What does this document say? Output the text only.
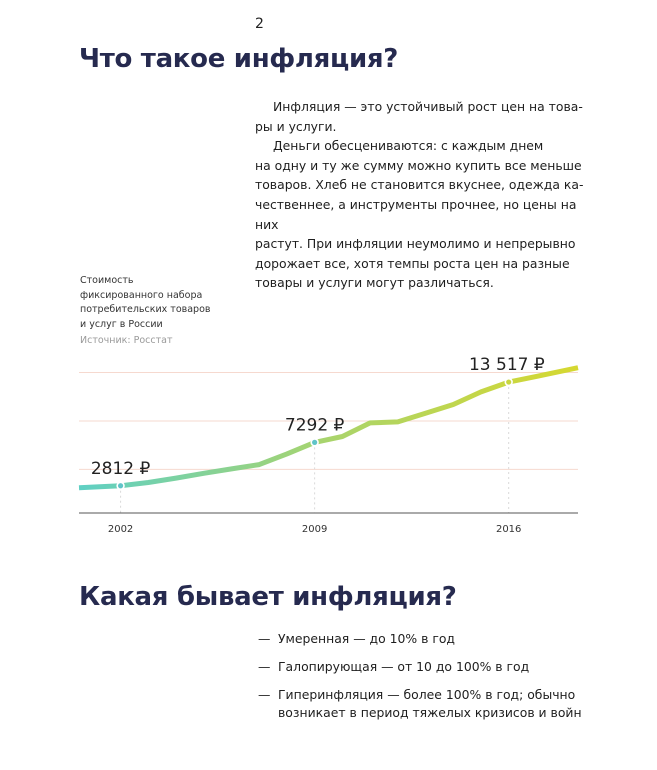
2
Что такое инфляция?

Инфляция — это устойчивый рост цен на това-

ры и услуги.

Деньги обесцениваются: с каждым днем

на одну и ту же сумму можно купить все меньше

товаров. Хлеб не становится вкуснее, одежда ка-

чественнее, а инструменты прочнее, но цены на них

растут. При инфляции неумолимо и непрерывно

дорожает все, хотя темпы роста цен на разные

товары и услуги могут различаться.

Стоимость
фиксированного набора
потребительских товаров
и услуг в России
Источник: Росстат
2812 ₽
7292 ₽
13 517 ₽
2002	2009	2016
Какая бывает инфляция?
— Умеренная — до 10% в год
— Галопирующая — от 10 до 100% в год
— Гиперинфляция — более 100% в год; обычно
возникает в период тяжелых кризисов и войн
